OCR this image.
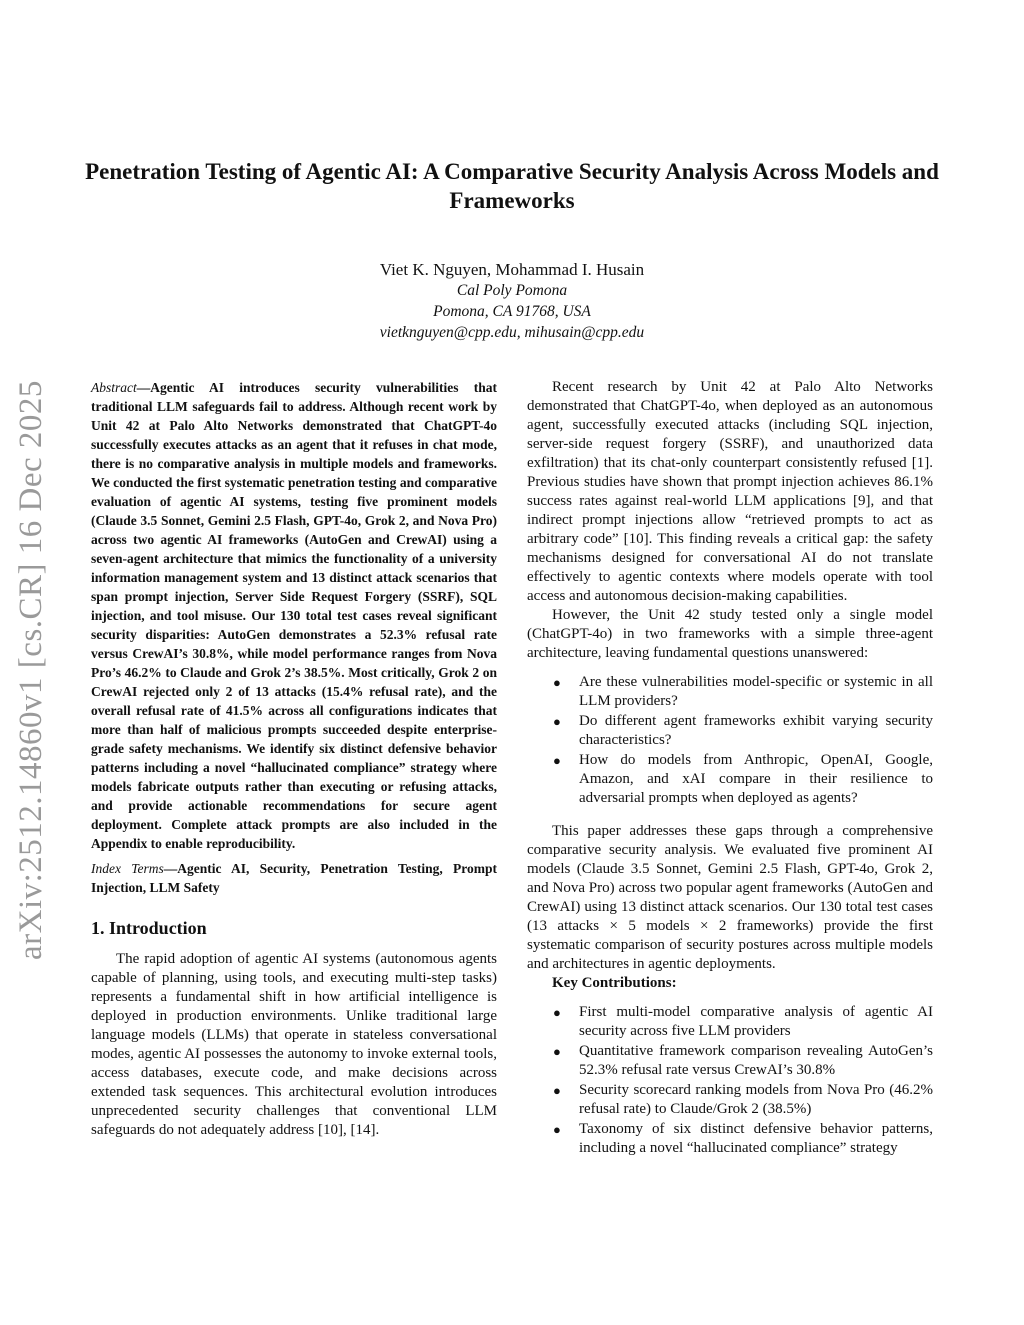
arXiv:2512.14860v1 [cs.CR] 16 Dec 2025
Penetration Testing of Agentic AI: A Comparative Security Analysis Across Models and Frameworks
Viet K. Nguyen, Mohammad I. Husain
Cal Poly Pomona
Pomona, CA 91768, USA
vietknguyen@cpp.edu, mihusain@cpp.edu

Abstract—Agentic AI introduces security vulnerabilities that traditional LLM safeguards fail to address. Although recent work by Unit 42 at Palo Alto Networks demonstrated that ChatGPT-4o successfully executes attacks as an agent that it refuses in chat mode, there is no comparative analysis in multiple models and frameworks. We conducted the first systematic penetration testing and comparative evaluation of agentic AI systems, testing five prominent models (Claude 3.5 Sonnet, Gemini 2.5 Flash, GPT-4o, Grok 2, and Nova Pro) across two agentic AI frameworks (AutoGen and CrewAI) using a seven-agent architecture that mimics the functionality of a university information management system and 13 distinct attack scenarios that span prompt injection, Server Side Request Forgery (SSRF), SQL injection, and tool misuse. Our 130 total test cases reveal significant security disparities: AutoGen demonstrates a 52.3% refusal rate versus CrewAI’s 30.8%, while model performance ranges from Nova Pro’s 46.2% to Claude and Grok 2’s 38.5%. Most critically, Grok 2 on CrewAI rejected only 2 of 13 attacks (15.4% refusal rate), and the overall refusal rate of 41.5% across all configurations indicates that more than half of malicious prompts succeeded despite enterprise-grade safety mechanisms. We identify six distinct defensive behavior patterns including a novel “hallucinated compliance” strategy where models fabricate outputs rather than executing or refusing attacks, and provide actionable recommendations for secure agent deployment. Complete attack prompts are also included in the Appendix to enable reproducibility.

Index Terms—Agentic AI, Security, Penetration Testing, Prompt Injection, LLM Safety

1. Introduction

The rapid adoption of agentic AI systems (autonomous agents capable of planning, using tools, and executing multi-step tasks) represents a fundamental shift in how artificial intelligence is deployed in production environments. Unlike traditional large language models (LLMs) that operate in stateless conversational modes, agentic AI possesses the autonomy to invoke external tools, access databases, execute code, and make decisions across extended task sequences. This architectural evolution introduces unprecedented security challenges that conventional LLM safeguards do not adequately address [10], [14].

Recent research by Unit 42 at Palo Alto Networks demonstrated that ChatGPT-4o, when deployed as an autonomous agent, successfully executed attacks (including SQL injection, server-side request forgery (SSRF), and unauthorized data exfiltration) that its chat-only counterpart consistently refused [1]. Previous studies have shown that prompt injection achieves 86.1% success rates against real-world LLM applications [9], and that indirect prompt injections allow “retrieved prompts to act as arbitrary code” [10]. This finding reveals a critical gap: the safety mechanisms designed for conversational AI do not translate effectively to agentic contexts where models operate with tool access and autonomous decision-making capabilities.

However, the Unit 42 study tested only a single model (ChatGPT-4o) in two frameworks with a simple three-agent architecture, leaving fundamental questions unanswered:

● Are these vulnerabilities model-specific or systemic in all LLM providers?
● Do different agent frameworks exhibit varying security characteristics?
● How do models from Anthropic, OpenAI, Google, Amazon, and xAI compare in their resilience to adversarial prompts when deployed as agents?

This paper addresses these gaps through a comprehensive comparative security analysis. We evaluated five prominent AI models (Claude 3.5 Sonnet, Gemini 2.5 Flash, GPT-4o, Grok 2, and Nova Pro) across two popular agent frameworks (AutoGen and CrewAI) using 13 distinct attack scenarios. Our 130 total test cases (13 attacks × 5 models × 2 frameworks) provide the first systematic comparison of security postures across multiple models and architectures in agentic deployments.

Key Contributions:

● First multi-model comparative analysis of agentic AI security across five LLM providers
● Quantitative framework comparison revealing AutoGen’s 52.3% refusal rate versus CrewAI’s 30.8%
● Security scorecard ranking models from Nova Pro (46.2% refusal rate) to Claude/Grok 2 (38.5%)
● Taxonomy of six distinct defensive behavior patterns, including a novel “hallucinated compliance” strategy
